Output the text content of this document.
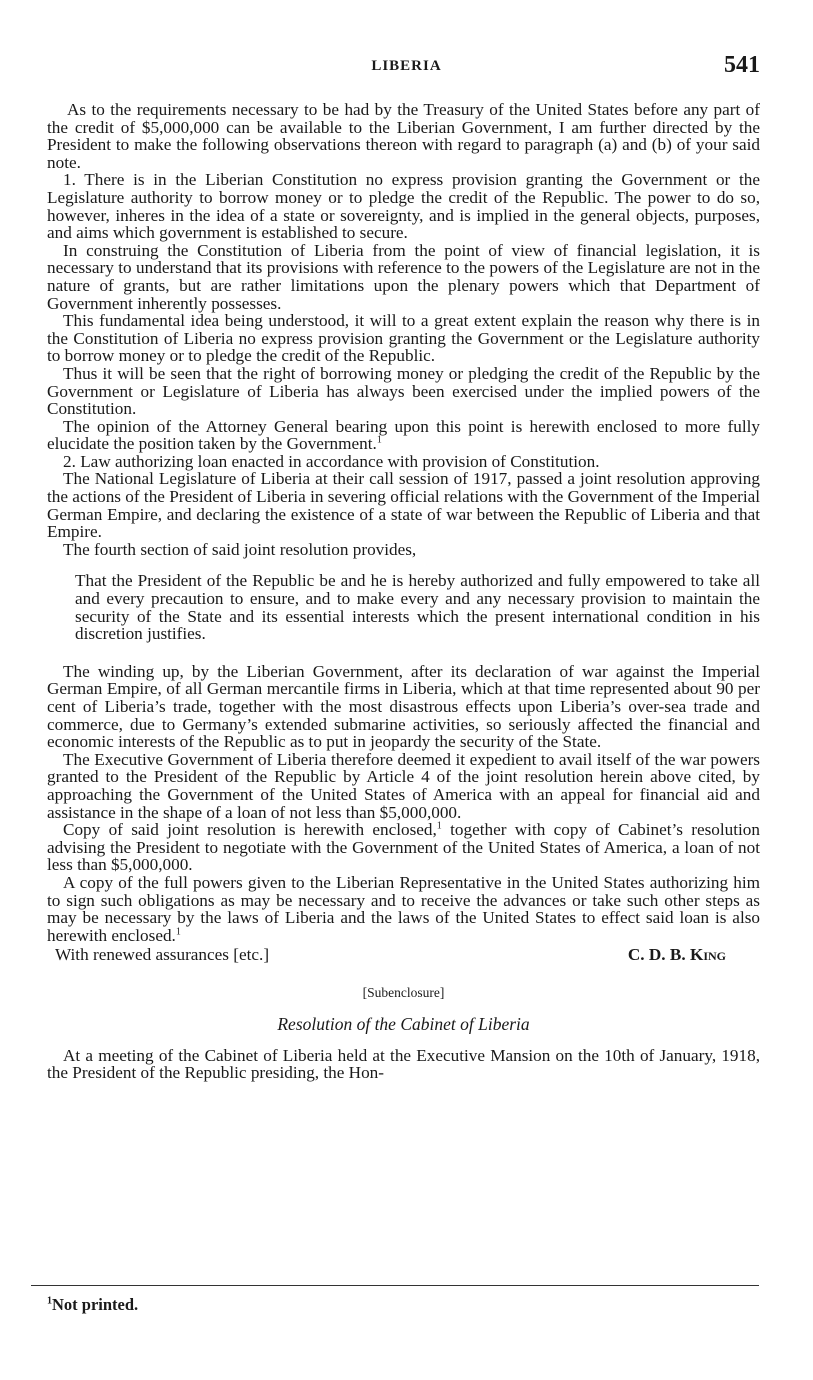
LIBERIA	541

As to the requirements necessary to be had by the Treasury of the United States before any part of the credit of $5,000,000 can be available to the Liberian Government, I am further directed by the President to make the following observations thereon with regard to paragraph (a) and (b) of your said note.

1. There is in the Liberian Constitution no express provision granting the Government or the Legislature authority to borrow money or to pledge the credit of the Republic. The power to do so, however, inheres in the idea of a state or sovereignty, and is implied in the general objects, purposes, and aims which government is established to secure.

In construing the Constitution of Liberia from the point of view of financial legislation, it is necessary to understand that its provisions with reference to the powers of the Legislature are not in the nature of grants, but are rather limitations upon the plenary powers which that Department of Government inherently possesses.

This fundamental idea being understood, it will to a great extent explain the reason why there is in the Constitution of Liberia no express provision granting the Government or the Legislature authority to borrow money or to pledge the credit of the Republic.

Thus it will be seen that the right of borrowing money or pledging the credit of the Republic by the Government or Legislature of Liberia has always been exercised under the implied powers of the Constitution.

The opinion of the Attorney General bearing upon this point is herewith enclosed to more fully elucidate the position taken by the Government.$^1$

2. Law authorizing loan enacted in accordance with provision of Constitution.

The National Legislature of Liberia at their call session of 1917, passed a joint resolution approving the actions of the President of Liberia in severing official relations with the Government of the Imperial German Empire, and declaring the existence of a state of war between the Republic of Liberia and that Empire.

The fourth section of said joint resolution provides,

That the President of the Republic be and he is hereby authorized and fully empowered to take all and every precaution to ensure, and to make every and any necessary provision to maintain the security of the State and its essential interests which the present international condition in his discretion justifies.

The winding up, by the Liberian Government, after its declaration of war against the Imperial German Empire, of all German mercantile firms in Liberia, which at that time represented about 90 per cent of Liberia’s trade, together with the most disastrous effects upon Liberia’s over-sea trade and commerce, due to Germany’s extended submarine activities, so seriously affected the financial and economic interests of the Republic as to put in jeopardy the security of the State.

The Executive Government of Liberia therefore deemed it expedient to avail itself of the war powers granted to the President of the Republic by Article 4 of the joint resolution herein above cited, by approaching the Government of the United States of America with an appeal for financial aid and assistance in the shape of a loan of not less than $5,000,000.

Copy of said joint resolution is herewith enclosed,$^1$ together with copy of Cabinet’s resolution advising the President to negotiate with the Government of the United States of America, a loan of not less than $5,000,000.

A copy of the full powers given to the Liberian Representative in the United States authorizing him to sign such obligations as may be necessary and to receive the advances or take such other steps as may be necessary by the laws of Liberia and the laws of the United States to effect said loan is also herewith enclosed.$^1$

With renewed assurances [etc.]	C. D. B. King

[Subenclosure]

Resolution of the Cabinet of Liberia

At a meeting of the Cabinet of Liberia held at the Executive Mansion on the 10th of January, 1918, the President of the Republic presiding, the Hon-

$^1$Not printed.
